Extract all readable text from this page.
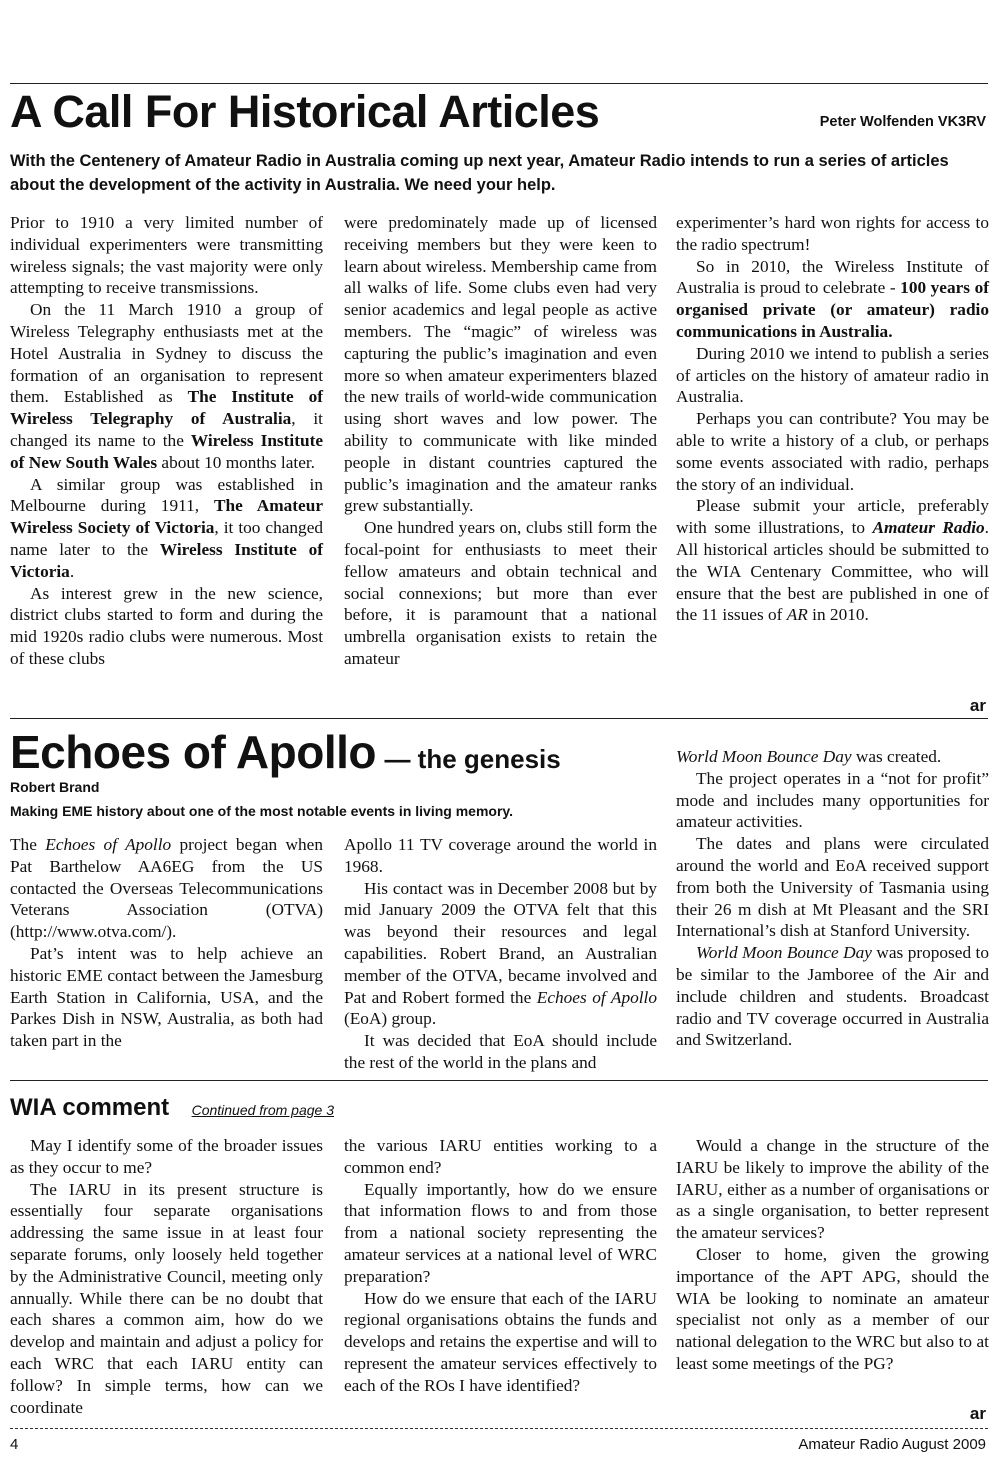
A Call For Historical Articles	Peter Wolfenden VK3RV
With the Centenery of Amateur Radio in Australia coming up next year, Amateur Radio intends to run a series of articles about the development of the activity in Australia. We need your help.

Prior to 1910 a very limited number of individual experimenters were transmitting wireless signals; the vast majority were only attempting to receive transmissions.

On the 11 March 1910 a group of Wireless Telegraphy enthusiasts met at the Hotel Australia in Sydney to discuss the formation of an organisation to represent them. Established as The Institute of Wireless Telegraphy of Australia, it changed its name to the Wireless Institute of New South Wales about 10 months later.

A similar group was established in Melbourne during 1911, The Amateur Wireless Society of Victoria, it too changed name later to the Wireless Institute of Victoria.

As interest grew in the new science, district clubs started to form and during the mid 1920s radio clubs were numerous. Most of these clubs

were predominately made up of licensed receiving members but they were keen to learn about wireless. Membership came from all walks of life. Some clubs even had very senior academics and legal people as active members. The “magic” of wireless was capturing the public’s imagination and even more so when amateur experimenters blazed the new trails of world-wide communication using short waves and low power. The ability to communicate with like minded people in distant countries captured the public’s imagination and the amateur ranks grew substantially.

One hundred years on, clubs still form the focal-point for enthusiasts to meet their fellow amateurs and obtain technical and social connexions; but more than ever before, it is paramount that a national umbrella organisation exists to retain the amateur

experimenter’s hard won rights for access to the radio spectrum!

So in 2010, the Wireless Institute of Australia is proud to celebrate - 100 years of organised private (or amateur) radio communications in Australia.

During 2010 we intend to publish a series of articles on the history of amateur radio in Australia.

Perhaps you can contribute? You may be able to write a history of a club, or perhaps some events associated with radio, perhaps the story of an individual.

Please submit your article, preferably with some illustrations, to Amateur Radio. All historical articles should be submitted to the WIA Centenary Committee, who will ensure that the best are published in one of the 11 issues of AR in 2010.

ar
Echoes of Apollo — the genesis
Robert Brand
Making EME history about one of the most notable events in living memory.

The Echoes of Apollo project began when Pat Barthelow AA6EG from the US contacted the Overseas Telecommunications Veterans Association (OTVA) (http://www.otva.com/).

Pat’s intent was to help achieve an historic EME contact between the Jamesburg Earth Station in California, USA, and the Parkes Dish in NSW, Australia, as both had taken part in the

Apollo 11 TV coverage around the world in 1968.

His contact was in December 2008 but by mid January 2009 the OTVA felt that this was beyond their resources and legal capabilities. Robert Brand, an Australian member of the OTVA, became involved and Pat and Robert formed the Echoes of Apollo (EoA) group.

It was decided that EoA should include the rest of the world in the plans and

World Moon Bounce Day was created.

The project operates in a “not for profit” mode and includes many opportunities for amateur activities.

The dates and plans were circulated around the world and EoA received support from both the University of Tasmania using their 26 m dish at Mt Pleasant and the SRI International’s dish at Stanford University.

World Moon Bounce Day was proposed to be similar to the Jamboree of the Air and include children and students. Broadcast radio and TV coverage occurred in Australia and Switzerland.

WIA comment Continued from page 3

May I identify some of the broader issues as they occur to me?

The IARU in its present structure is essentially four separate organisations addressing the same issue in at least four separate forums, only loosely held together by the Administrative Council, meeting only annually. While there can be no doubt that each shares a common aim, how do we develop and maintain and adjust a policy for each WRC that each IARU entity can follow? In simple terms, how can we coordinate

the various IARU entities working to a common end?

Equally importantly, how do we ensure that information flows to and from those from a national society representing the amateur services at a national level of WRC preparation?

How do we ensure that each of the IARU regional organisations obtains the funds and develops and retains the expertise and will to represent the amateur services effectively to each of the ROs I have identified?

Would a change in the structure of the IARU be likely to improve the ability of the IARU, either as a number of organisations or as a single organisation, to better represent the amateur services?

Closer to home, given the growing importance of the APT APG, should the WIA be looking to nominate an amateur specialist not only as a member of our national delegation to the WRC but also to at least some meetings of the PG?

ar
4	Amateur Radio August 2009
